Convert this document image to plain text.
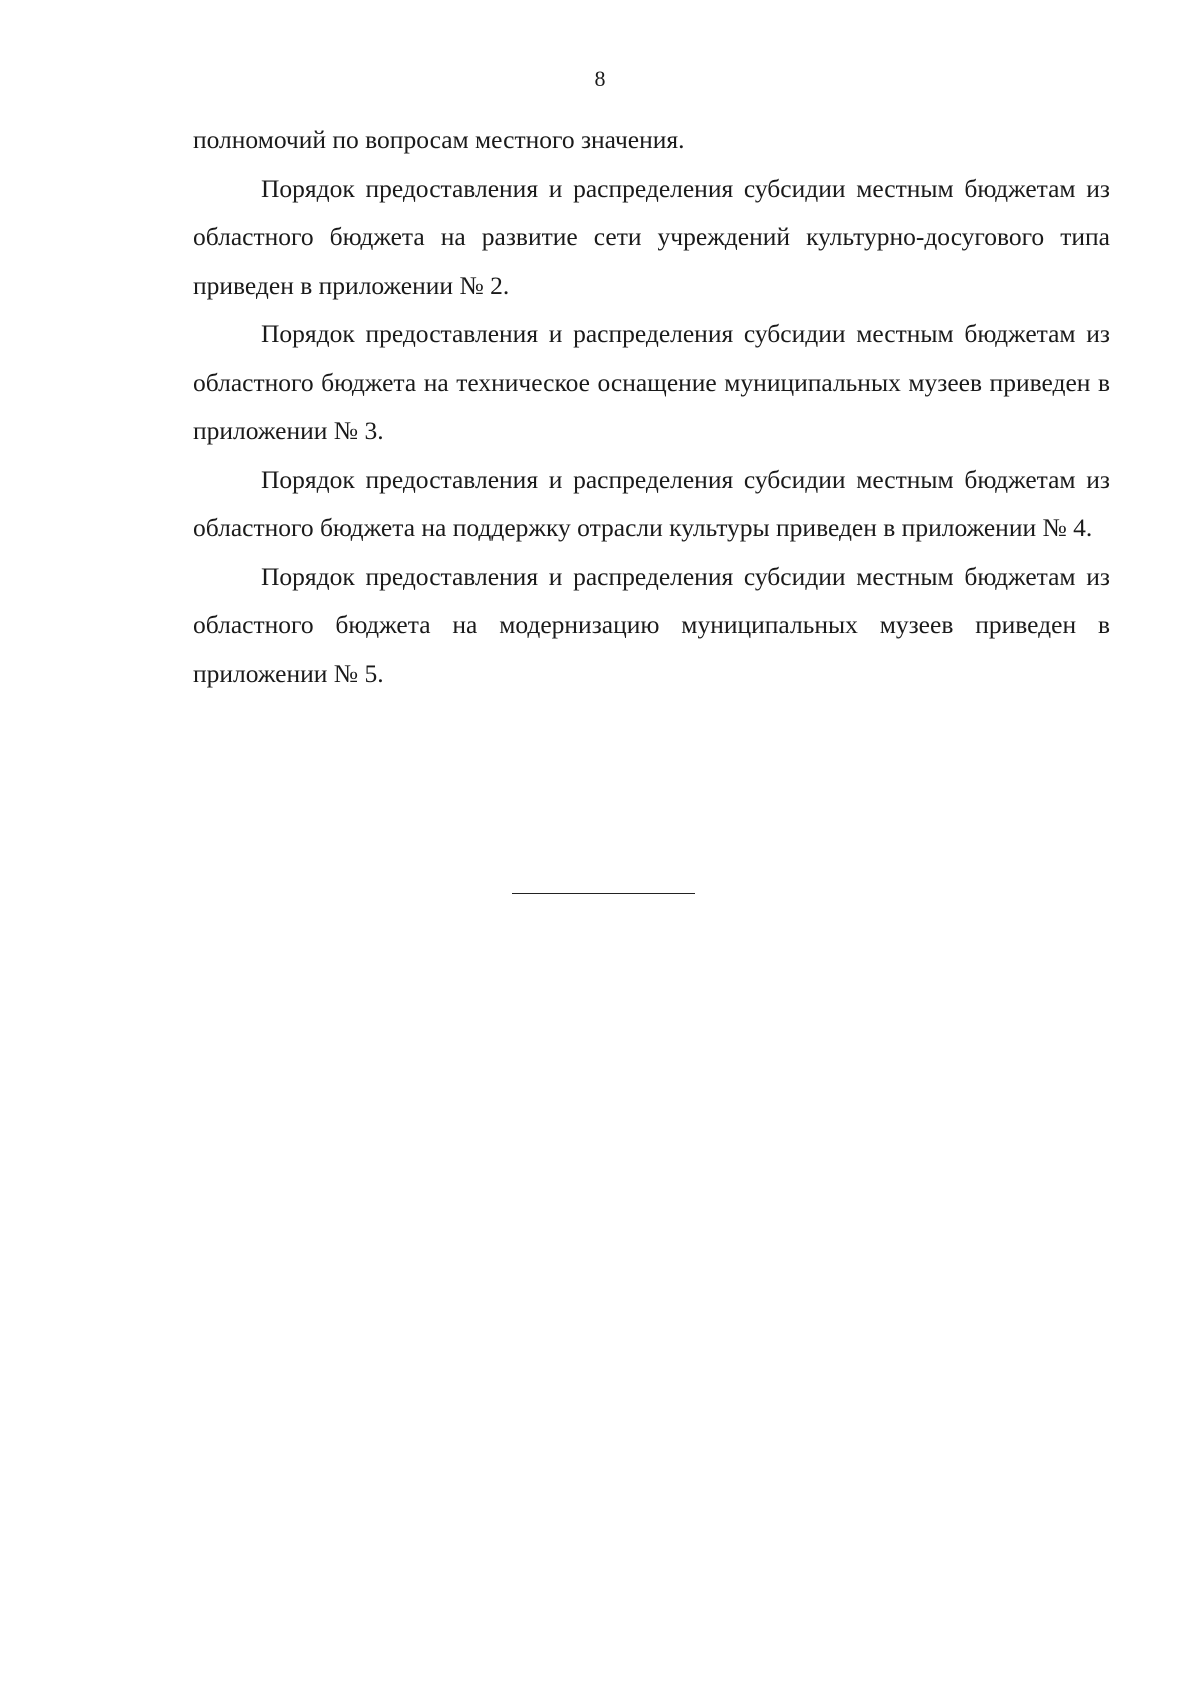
8

полномочий по вопросам местного значения.

Порядок предоставления и распределения субсидии местным бюджетам из областного бюджета на развитие сети учреждений культурно-досугового типа приведен в приложении № 2.

Порядок предоставления и распределения субсидии местным бюджетам из областного бюджета на техническое оснащение муниципальных музеев приведен в приложении № 3.

Порядок предоставления и распределения субсидии местным бюджетам из областного бюджета на поддержку отрасли культуры приведен в приложении № 4.

Порядок предоставления и распределения субсидии местным бюджетам из областного бюджета на модернизацию муниципальных музеев приведен в приложении № 5.
